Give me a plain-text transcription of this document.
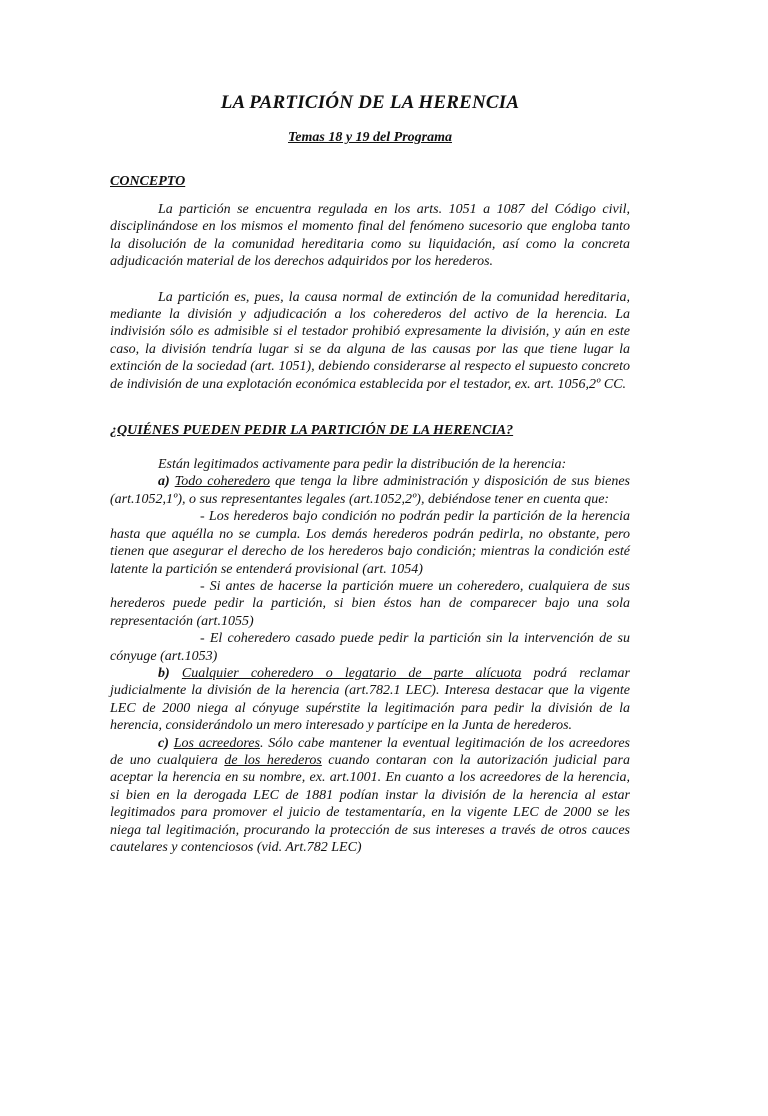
LA PARTICIÓN DE LA HERENCIA
Temas 18 y 19 del Programa
CONCEPTO

La partición se encuentra regulada en los arts. 1051 a 1087 del Código civil, disciplinándose en los mismos el momento final del fenómeno sucesorio que engloba tanto la disolución de la comunidad hereditaria como su liquidación, así como la concreta adjudicación material de los derechos adquiridos por los herederos.

La partición es, pues, la causa normal de extinción de la comunidad hereditaria, mediante la división y adjudicación a los coherederos del activo de la herencia. La indivisión sólo es admisible si el testador prohibió expresamente la división, y aún en este caso, la división tendría lugar si se da alguna de las causas por las que tiene lugar la extinción de la sociedad (art. 1051), debiendo considerarse al respecto el supuesto concreto de indivisión de una explotación económica establecida por el testador, ex. art. 1056,2º CC.

¿QUIÉNES PUEDEN PEDIR LA PARTICIÓN DE LA HERENCIA?

Están legitimados activamente para pedir la distribución de la herencia:

a) Todo coheredero que tenga la libre administración y disposición de sus bienes (art.1052,1º), o sus representantes legales (art.1052,2º), debiéndose tener en cuenta que:

- Los herederos bajo condición no podrán pedir la partición de la herencia hasta que aquélla no se cumpla. Los demás herederos podrán pedirla, no obstante, pero tienen que asegurar el derecho de los herederos bajo condición; mientras la condición esté latente la partición se entenderá provisional (art. 1054)

- Si antes de hacerse la partición muere un coheredero, cualquiera de sus herederos puede pedir la partición, si bien éstos han de comparecer bajo una sola representación (art.1055)

- El coheredero casado puede pedir la partición sin la intervención de su cónyuge (art.1053)

b) Cualquier coheredero o legatario de parte alícuota podrá reclamar judicialmente la división de la herencia (art.782.1 LEC). Interesa destacar que la vigente LEC de 2000 niega al cónyuge supérstite la legitimación para pedir la división de la herencia, considerándolo un mero interesado y partícipe en la Junta de herederos.

c) Los acreedores. Sólo cabe mantener la eventual legitimación de los acreedores de uno cualquiera de los herederos cuando contaran con la autorización judicial para aceptar la herencia en su nombre, ex. art.1001. En cuanto a los acreedores de la herencia, si bien en la derogada LEC de 1881 podían instar la división de la herencia al estar legitimados para promover el juicio de testamentaría, en la vigente LEC de 2000 se les niega tal legitimación, procurando la protección de sus intereses a través de otros cauces cautelares y contenciosos (vid. Art.782 LEC)
